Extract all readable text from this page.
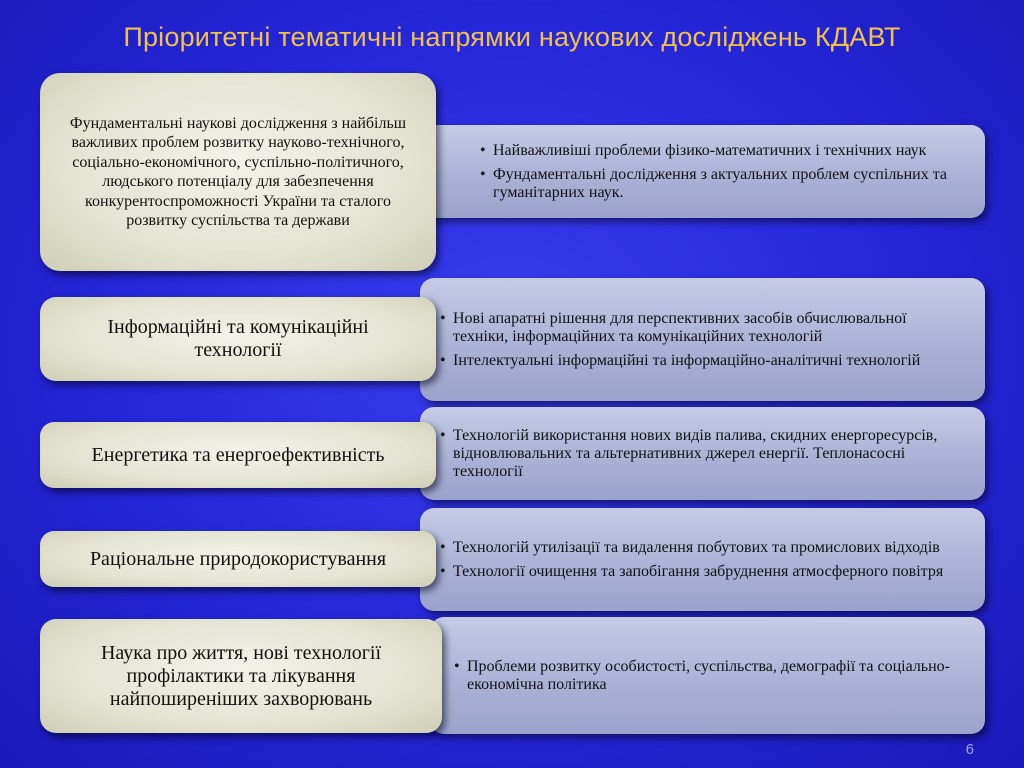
Пріоритетні тематичні напрямки наукових досліджень КДАВТ
• Найважливіші проблеми фізико-математичних і технічних наук
• Фундаментальні дослідження з актуальних проблем суспільних та гуманітарних наук.
Фундаментальні наукові дослідження з найбільш важливих проблем розвитку науково-технічного, соціально-економічного, суспільно-політичного, людського потенціалу для забезпечення конкурентоспроможності України та сталого розвитку суспільства та держави
• Нові апаратні рішення для перспективних засобів обчислювальної техніки, інформаційних та комунікаційних технологій
• Інтелектуальні інформаційні та інформаційно-аналітичні технологій
Інформаційні та комунікаційні технології
• Технологій використання нових видів палива, скидних енергоресурсів, відновлювальних та альтернативних джерел енергії. Теплонасосні технології
Енергетика та енергоефективність
• Технологій утилізації та видалення побутових та промислових відходів
• Технології очищення та запобігання забруднення атмосферного повітря
Раціональне природокористування
• Проблеми розвитку особистості, суспільства, демографії та соціально-економічна політика
Наука про життя, нові технології профілактики та лікування найпоширеніших захворювань
6
